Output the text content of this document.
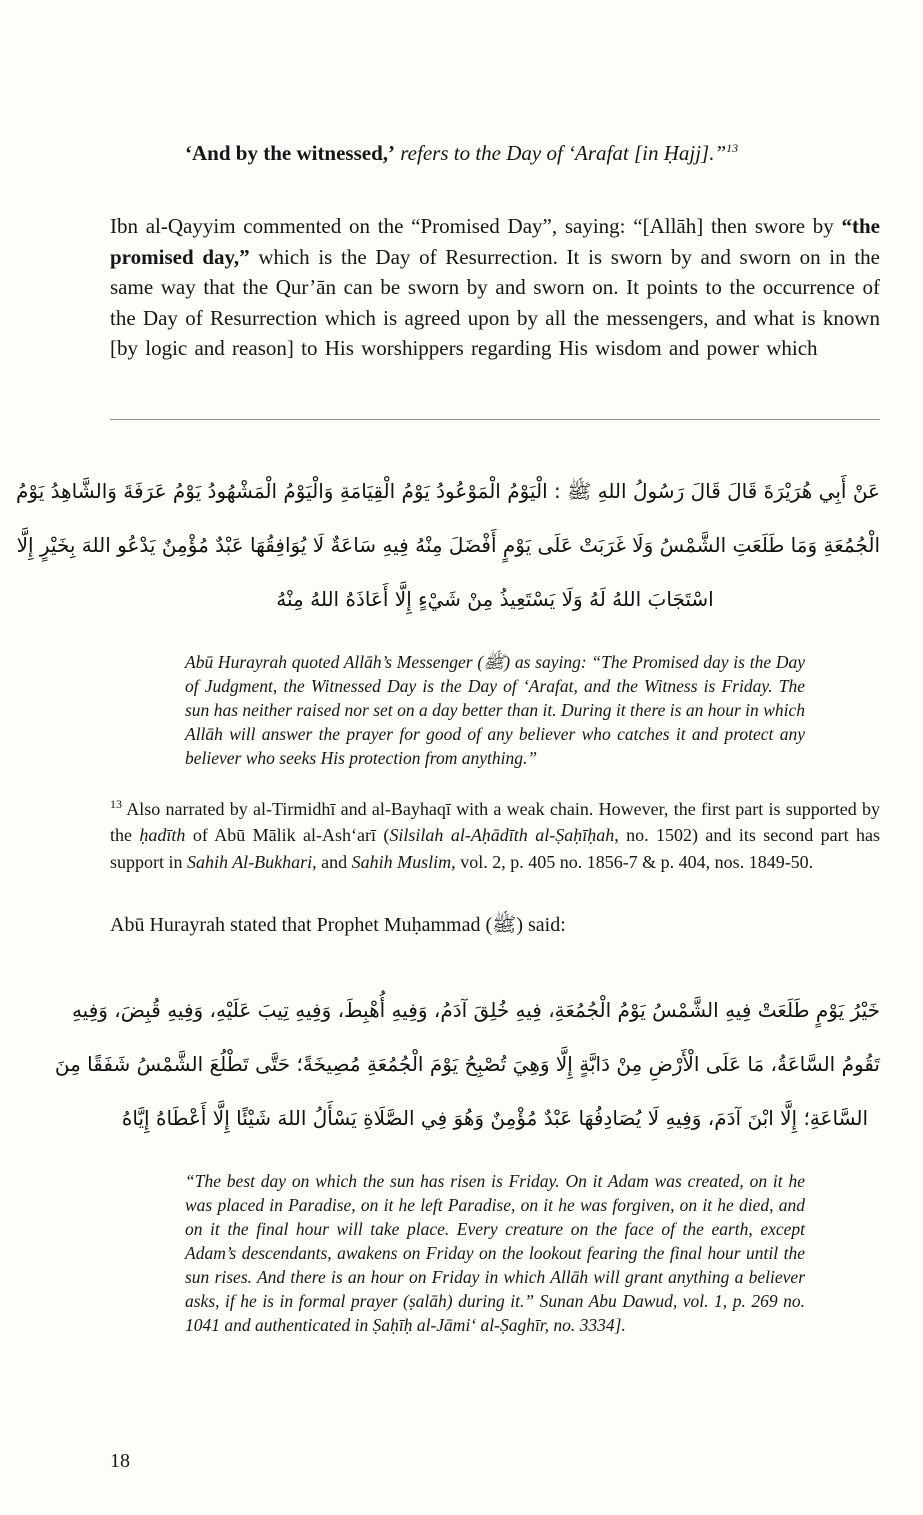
‘And by the witnessed,’ refers to the Day of ‘Arafat [in Ḥajj].”$^{13}$

Ibn al-Qayyim commented on the “Promised Day”, saying: “[Allāh] then swore by “the promised day,” which is the Day of Resurrection. It is sworn by and sworn on in the same way that the Qur’ān can be sworn by and sworn on. It points to the occurrence of the Day of Resurrection which is agreed upon by all the messengers, and what is known [by logic and reason] to His worshippers regarding His wisdom and power which

عَنْ أَبِي هُرَيْرَةَ قَالَ قَالَ رَسُولُ اللهِ ﷺ : الْيَوْمُ الْمَوْعُودُ يَوْمُ الْقِيَامَةِ وَالْيَوْمُ الْمَشْهُودُ يَوْمُ عَرَفَةَ وَالشَّاهِدُ يَوْمُ
الْجُمُعَةِ وَمَا طَلَعَتِ الشَّمْسُ وَلَا غَرَبَتْ عَلَى يَوْمٍ أَفْضَلَ مِنْهُ فِيهِ سَاعَةٌ لَا يُوَافِقُهَا عَبْدٌ مُؤْمِنٌ يَدْعُو اللهَ بِخَيْرٍ إِلَّا
اسْتَجَابَ اللهُ لَهُ وَلَا يَسْتَعِيذُ مِنْ شَيْءٍ إِلَّا أَعَاذَهُ اللهُ مِنْهُ
Abū Hurayrah quoted Allāh’s Messenger (ﷺ) as saying: “The Promised day is the Day of Judgment, the Witnessed Day is the Day of ‘Arafat, and the Witness is Friday. The sun has neither raised nor set on a day better than it. During it there is an hour in which Allāh will answer the prayer for good of any believer who catches it and protect any believer who seeks His protection from anything.”
$^{13}$ Also narrated by al-Tirmidhī and al-Bayhaqī with a weak chain. However, the first part is supported by the ḥadīth of Abū Mālik al-Ash‘arī (Silsilah al-Aḥādīth al-Ṣaḥīḥah, no. 1502) and its second part has support in Sahih Al-Bukhari, and Sahih Muslim, vol. 2, p. 405 no. 1856-7 & p. 404, nos. 1849-50.

Abū Hurayrah stated that Prophet Muḥammad (ﷺ) said:

خَيْرُ يَوْمٍ طَلَعَتْ فِيهِ الشَّمْسُ يَوْمُ الْجُمُعَةِ، فِيهِ خُلِقَ آدَمُ، وَفِيهِ أُهْبِطَ، وَفِيهِ تِيبَ عَلَيْهِ، وَفِيهِ قُبِضَ، وَفِيهِ
تَقُومُ السَّاعَةُ، مَا عَلَى الْأَرْضِ مِنْ دَابَّةٍ إِلَّا وَهِيَ تُصْبِحُ يَوْمَ الْجُمُعَةِ مُصِيخَةً؛ حَتَّى تَطْلُعَ الشَّمْسُ شَفَقًا مِنَ
السَّاعَةِ؛ إِلَّا ابْنَ آدَمَ، وَفِيهِ لَا يُصَادِفُهَا عَبْدٌ مُؤْمِنٌ وَهُوَ فِي الصَّلَاةِ يَسْأَلُ اللهَ شَيْئًا إِلَّا أَعْطَاهُ إِيَّاهُ
“The best day on which the sun has risen is Friday. On it Adam was created, on it he was placed in Paradise, on it he left Paradise, on it he was forgiven, on it he died, and on it the final hour will take place. Every creature on the face of the earth, except Adam’s descendants, awakens on Friday on the lookout fearing the final hour until the sun rises. And there is an hour on Friday in which Allāh will grant anything a believer asks, if he is in formal prayer (ṣalāh) during it.” Sunan Abu Dawud, vol. 1, p. 269 no. 1041 and authenticated in Ṣaḥīḥ al-Jāmi‘ al-Ṣaghīr, no. 3334].
18
